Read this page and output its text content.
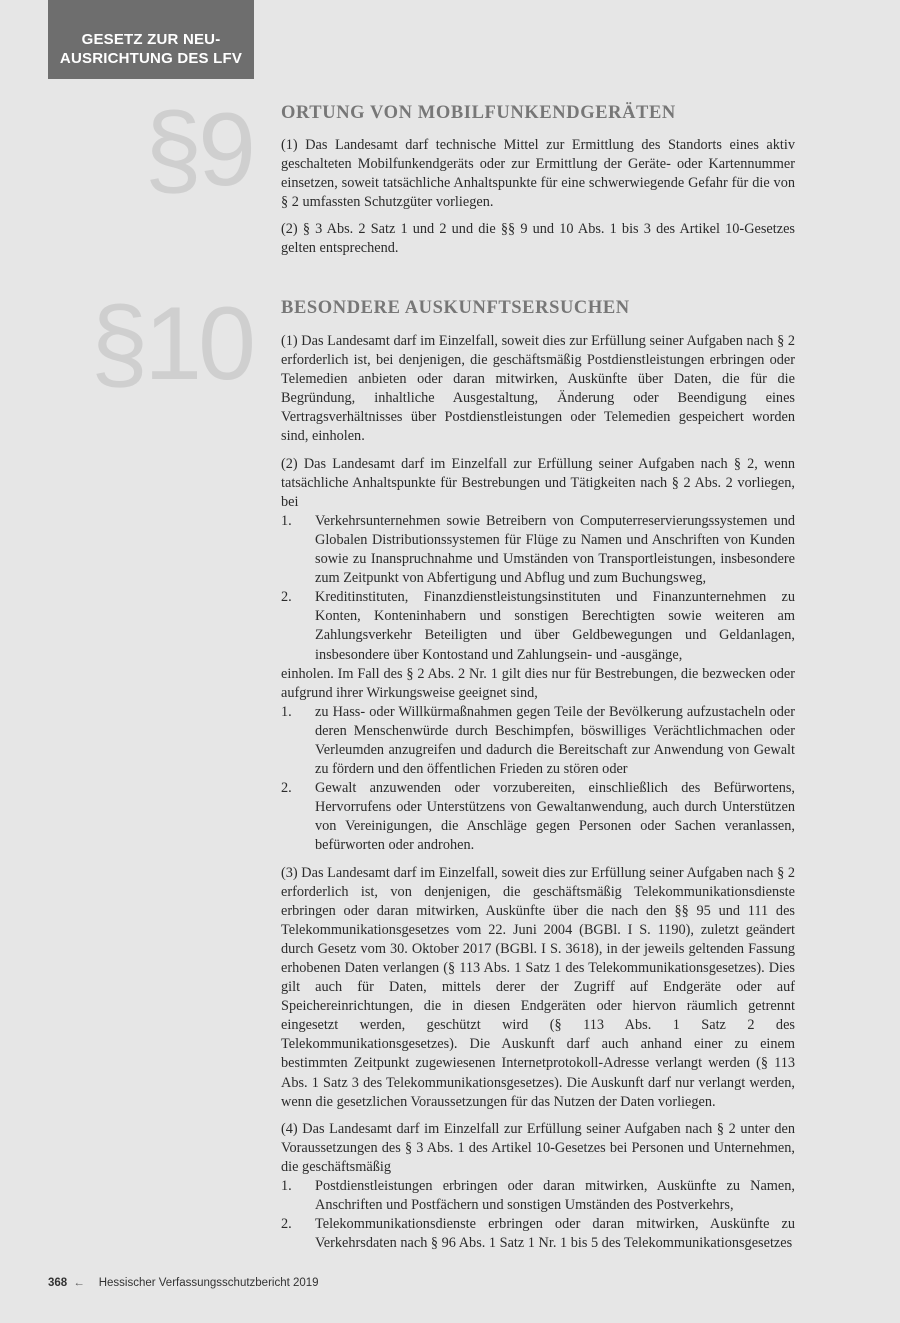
GESETZ ZUR NEU-
AUSRICHTUNG DES LFV
§9 ORTUNG VON MOBILFUNKENDGERÄTEN

(1) Das Landesamt darf technische Mittel zur Ermittlung des Standorts eines aktiv geschalteten Mobilfunkendgeräts oder zur Ermittlung der Geräte- oder Kartennummer einsetzen, soweit tatsächliche Anhaltspunkte für eine schwerwiegende Gefahr für die von § 2 umfassten Schutzgüter vorliegen.

(2) § 3 Abs. 2 Satz 1 und 2 und die §§ 9 und 10 Abs. 1 bis 3 des Artikel 10-Gesetzes gelten entsprechend.

§10 BESONDERE AUSKUNFTSERSUCHEN

(1) Das Landesamt darf im Einzelfall, soweit dies zur Erfüllung seiner Aufgaben nach § 2 erforderlich ist, bei denjenigen, die geschäftsmäßig Postdienstleistungen erbringen oder Telemedien anbieten oder daran mitwirken, Auskünfte über Daten, die für die Begründung, inhaltliche Ausgestaltung, Änderung oder Beendigung eines Vertragsverhältnisses über Postdienstleistungen oder Telemedien gespeichert worden sind, einholen.

(2) Das Landesamt darf im Einzelfall zur Erfüllung seiner Aufgaben nach § 2, wenn tatsächliche Anhaltspunkte für Bestrebungen und Tätigkeiten nach § 2 Abs. 2 vorliegen, bei

1.	Verkehrsunternehmen sowie Betreibern von Computerreservierungssystemen und Globalen Distributionssystemen für Flüge zu Namen und Anschriften von Kunden sowie zu Inanspruchnahme und Umständen von Transportleistungen, insbesondere zum Zeitpunkt von Abfertigung und Abflug und zum Buchungsweg,
2.	Kreditinstituten, Finanzdienstleistungsinstituten und Finanzunternehmen zu Konten, Konteninhabern und sonstigen Berechtigten sowie weiteren am Zahlungsverkehr Beteiligten und über Geldbewegungen und Geldanlagen, insbesondere über Kontostand und Zahlungsein- und -ausgänge,

einholen. Im Fall des § 2 Abs. 2 Nr. 1 gilt dies nur für Bestrebungen, die bezwecken oder aufgrund ihrer Wirkungsweise geeignet sind,

1.	zu Hass- oder Willkürmaßnahmen gegen Teile der Bevölkerung aufzustacheln oder deren Menschenwürde durch Beschimpfen, böswilliges Verächtlichmachen oder Verleumden anzugreifen und dadurch die Bereitschaft zur Anwendung von Gewalt zu fördern und den öffentlichen Frieden zu stören oder
2.	Gewalt anzuwenden oder vorzubereiten, einschließlich des Befürwortens, Hervorrufens oder Unterstützens von Gewaltanwendung, auch durch Unterstützen von Vereinigungen, die Anschläge gegen Personen oder Sachen veranlassen, befürworten oder androhen.

(3) Das Landesamt darf im Einzelfall, soweit dies zur Erfüllung seiner Aufgaben nach § 2 erforderlich ist, von denjenigen, die geschäftsmäßig Telekommunikationsdienste erbringen oder daran mitwirken, Auskünfte über die nach den §§ 95 und 111 des Telekommunikationsgesetzes vom 22. Juni 2004 (BGBl. I S. 1190), zuletzt geändert durch Gesetz vom 30. Oktober 2017 (BGBl. I S. 3618), in der jeweils geltenden Fassung erhobenen Daten verlangen (§ 113 Abs. 1 Satz 1 des Telekommunikationsgesetzes). Dies gilt auch für Daten, mittels derer der Zugriff auf Endgeräte oder auf Speichereinrichtungen, die in diesen Endgeräten oder hiervon räumlich getrennt eingesetzt werden, geschützt wird (§ 113 Abs. 1 Satz 2 des Telekommunikationsgesetzes). Die Auskunft darf auch anhand einer zu einem bestimmten Zeitpunkt zugewiesenen Internetprotokoll-Adresse verlangt werden (§ 113 Abs. 1 Satz 3 des Telekommunikationsgesetzes). Die Auskunft darf nur verlangt werden, wenn die gesetzlichen Voraussetzungen für das Nutzen der Daten vorliegen.

(4) Das Landesamt darf im Einzelfall zur Erfüllung seiner Aufgaben nach § 2 unter den Voraussetzungen des § 3 Abs. 1 des Artikel 10-Gesetzes bei Personen und Unternehmen, die geschäftsmäßig

1.	Postdienstleistungen erbringen oder daran mitwirken, Auskünfte zu Namen, Anschriften und Postfächern und sonstigen Umständen des Postverkehrs,
2.	Telekommunikationsdienste erbringen oder daran mitwirken, Auskünfte zu Verkehrsdaten nach § 96 Abs. 1 Satz 1 Nr. 1 bis 5 des Telekommunikationsgesetzes
368 ← Hessischer Verfassungsschutzbericht 2019
